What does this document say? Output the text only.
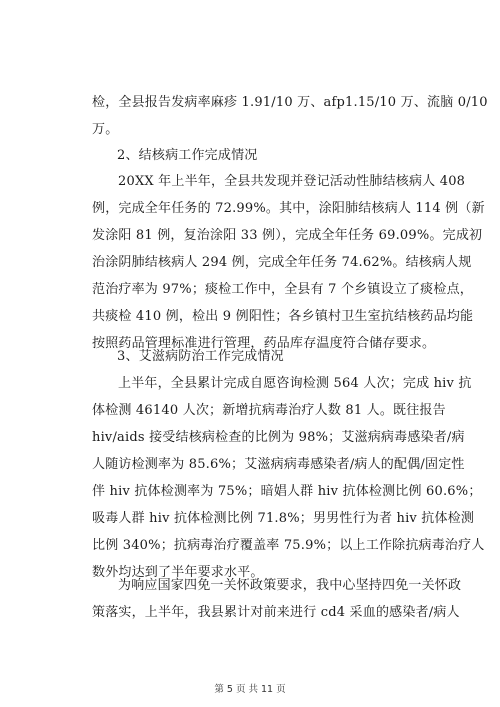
检，全县报告发病率麻疹 1.91/10 万、afp1.15/10 万、流脑 0/10
万。
2、结核病工作完成情况
20XX 年上半年，全县共发现并登记活动性肺结核病人 408
例，完成全年任务的 72.99%。其中，涂阳肺结核病人 114 例（新
发涂阳 81 例，复治涂阳 33 例），完成全年任务 69.09%。完成初
治涂阴肺结核病人 294 例，完成全年任务 74.62%。结核病人规
范治疗率为 97%；痰检工作中，全县有 7 个乡镇设立了痰检点，
共痰检 410 例，检出 9 例阳性；各乡镇村卫生室抗结核药品均能
按照药品管理标准进行管理，药品库存温度符合储存要求。
3、艾滋病防治工作完成情况
上半年，全县累计完成自愿咨询检测 564 人次；完成 hiv 抗
体检测 46140 人次；新增抗病毒治疗人数 81 人。既往报告
hiv/aids 接受结核病检查的比例为 98%；艾滋病病毒感染者/病
人随访检测率为 85.6%；艾滋病病毒感染者/病人的配偶/固定性
伴 hiv 抗体检测率为 75%；暗娼人群 hiv 抗体检测比例 60.6%；
吸毒人群 hiv 抗体检测比例 71.8%；男男性行为者 hiv 抗体检测
比例 340%；抗病毒治疗覆盖率 75.9%；以上工作除抗病毒治疗人
数外均达到了半年要求水平。
为响应国家四免一关怀政策要求，我中心坚持四免一关怀政
策落实，上半年，我县累计对前来进行 cd4 采血的感染者/病人
第 5 页 共 11 页
